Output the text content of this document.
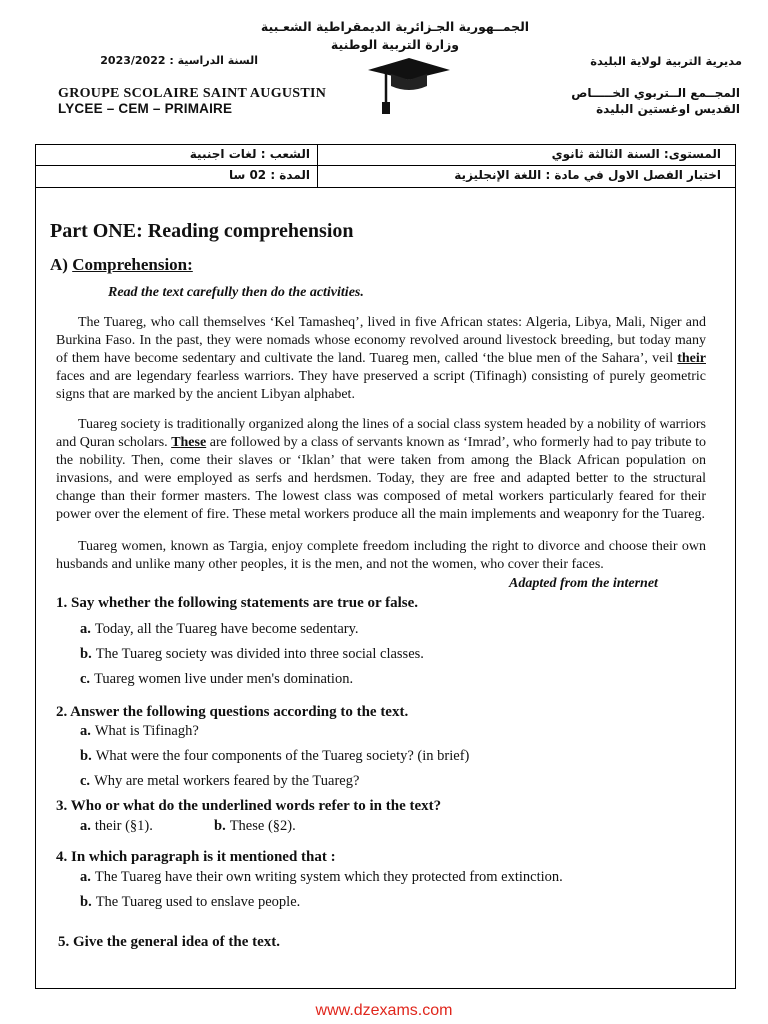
الجمــهورية الجـزائرية الديمقراطية الشعـبية
وزارة التربية الوطنية
السنة الدراسية : 2023/2022	مديرية التربية لولاية البليدة
GROUPE SCOLAIRE SAINT AUGUSTIN
LYCEE – CEM – PRIMAIRE
المجــمع الــتربوي الخـــــاص
القديس اوغستين البليدة
الشعب : لغات اجنبية	المستوى: السنة الثالثة ثانوي
المدة : 02 سا	اختبار الفصل الاول في مادة : اللغة الإنجليزية
Part ONE: Reading comprehension
A) Comprehension:
Read the text carefully then do the activities.
The Tuareg, who call themselves ‘Kel Tamasheq’, lived in five African states: Algeria, Libya, Mali, Niger and Burkina Faso. In the past, they were nomads whose economy revolved around livestock breeding, but today many of them have become sedentary and cultivate the land. Tuareg men, called ‘the blue men of the Sahara’, veil their faces and are legendary fearless warriors. They have preserved a script (Tifinagh) consisting of purely geometric signs that are marked by the ancient Libyan alphabet.
Tuareg society is traditionally organized along the lines of a social class system headed by a nobility of warriors and Quran scholars. These are followed by a class of servants known as ‘Imrad’, who formerly had to pay tribute to the nobility. Then, come their slaves or ‘Iklan’ that were taken from among the Black African population on invasions, and were employed as serfs and herdsmen. Today, they are free and adapted better to the structural change than their former masters. The lowest class was composed of metal workers particularly feared for their power over the element of fire. These metal workers produce all the main implements and weaponry for the Tuareg.
Tuareg women, known as Targia, enjoy complete freedom including the right to divorce and choose their own husbands and unlike many other peoples, it is the men, and not the women, who cover their faces.
Adapted from the internet
1. Say whether the following statements are true or false.
a. Today, all the Tuareg have become sedentary.
b. The Tuareg society was divided into three social classes.
c. Tuareg women live under men's domination.
2. Answer the following questions according to the text.
a. What is Tifinagh?
b. What were the four components of the Tuareg society? (in brief)
c. Why are metal workers feared by the Tuareg?
3. Who or what do the underlined words refer to in the text?
a. their (§1).	b. These (§2).
4. In which paragraph is it mentioned that :
a. The Tuareg have their own writing system which they protected from extinction.
b. The Tuareg used to enslave people.
5. Give the general idea of the text.
www.dzexams.com
